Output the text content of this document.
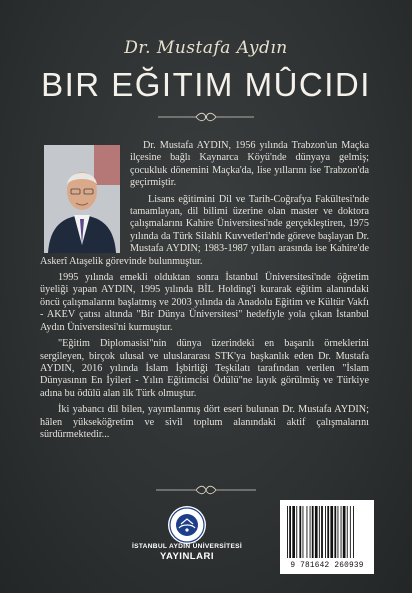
Dr. Mustafa Aydın
BIR EĞITIM MÛCIDI

Dr. Mustafa AYDIN, 1956 yılında Trabzon'un Maçka ilçesine bağlı Kaynarca Köyü'nde dünyaya gelmiş; çocukluk dönemini Maçka'da, lise yıllarını ise Trabzon'da geçirmiştir.

Lisans eğitimini Dil ve Tarih-Coğrafya Fakültesi'nde tamamlayan, dil bilimi üzerine olan master ve doktora çalışmalarını Kahire Üniversitesi'nde gerçekleştiren, 1975 yılında da Türk Silahlı Kuvvetleri'nde göreve başlayan Dr. Mustafa AYDIN; 1983-1987 yılları arasında ise Kahire'de Askerî Ataşelik görevinde bulunmuştur.

1995 yılında emekli olduktan sonra İstanbul Üniversitesi'nde öğretim üyeliği yapan AYDIN, 1995 yılında BİL Holding'i kurarak eğitim alanındaki öncü çalışmalarını başlatmış ve 2003 yılında da Anadolu Eğitim ve Kültür Vakfı - AKEV çatısı altında "Bir Dünya Üniversitesi" hedefiyle yola çıkan İstanbul Aydın Üniversitesi'ni kurmuştur.

"Eğitim Diplomasisi"nin dünya üzerindeki en başarılı örneklerini sergileyen, birçok ulusal ve uluslararası STK'ya başkanlık eden Dr. Mustafa AYDIN, 2016 yılında İslam İşbirliği Teşkilatı tarafından verilen "İslam Dünyasının En İyileri - Yılın Eğitimcisi Ödülü"ne layık görülmüş ve Türkiye adına bu ödülü alan ilk Türk olmuştur.

İki yabancı dil bilen, yayımlanmış dört eseri bulunan Dr. Mustafa AYDIN; hâlen yükseköğretim ve sivil toplum alanındaki aktif çalışmalarını sürdürmektedir...

İSTANBUL AYDIN ÜNİVERSİTESİ
YAYINLARI
9 781642 260939
